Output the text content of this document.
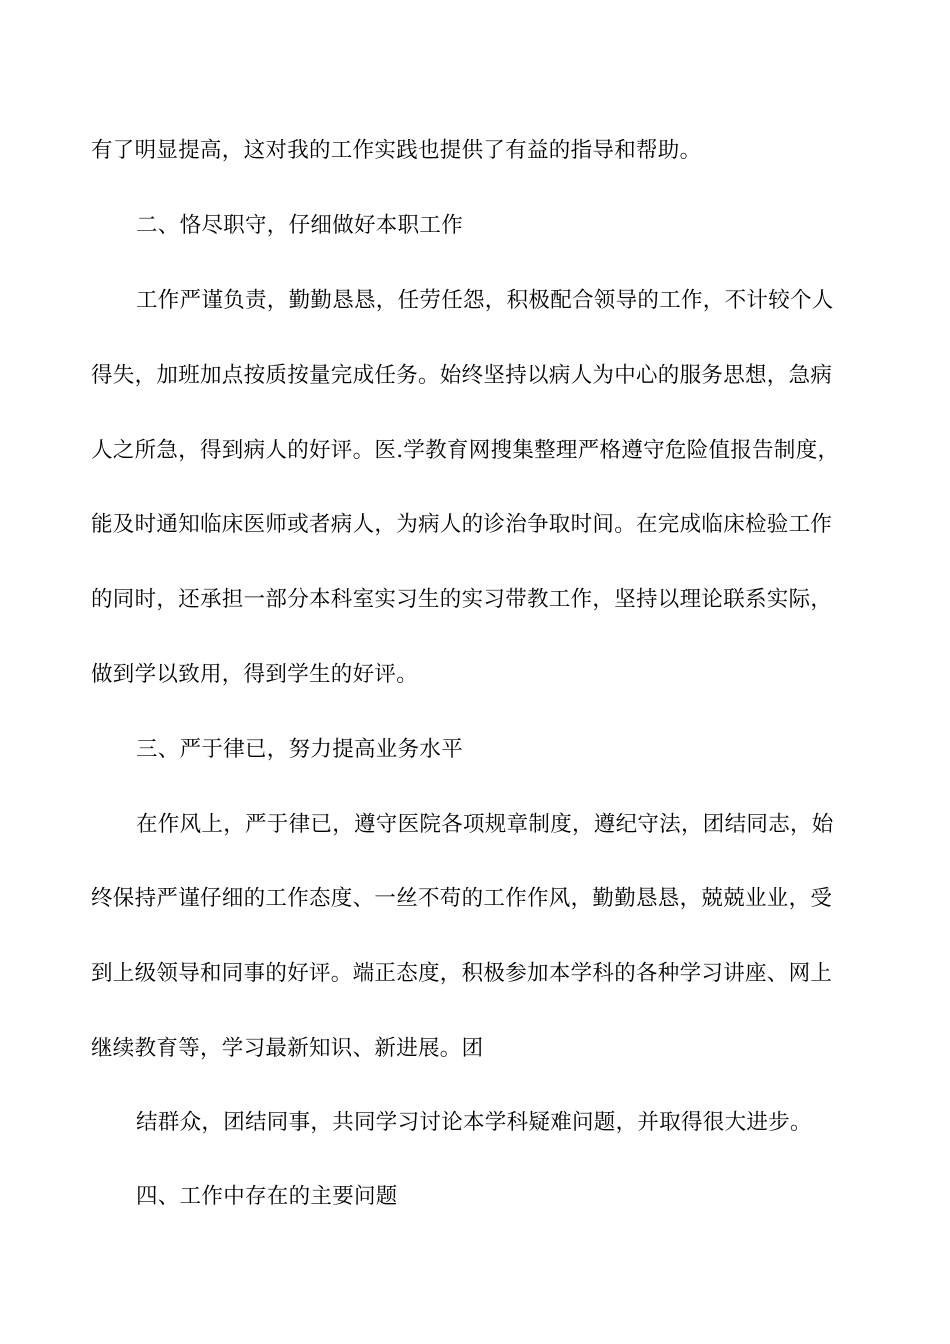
有了明显提高，这对我的工作实践也提供了有益的指导和帮助。
二、恪尽职守，仔细做好本职工作
工作严谨负责，勤勤恳恳，任劳任怨，积极配合领导的工作，不计较个人
得失，加班加点按质按量完成任务。始终坚持以病人为中心的服务思想，急病
人之所急，得到病人的好评。医.学教育网搜集整理严格遵守危险值报告制度，
能及时通知临床医师或者病人，为病人的诊治争取时间。在完成临床检验工作
的同时，还承担一部分本科室实习生的实习带教工作，坚持以理论联系实际，
做到学以致用，得到学生的好评。
三、严于律已，努力提高业务水平
在作风上，严于律已，遵守医院各项规章制度，遵纪守法，团结同志，始
终保持严谨仔细的工作态度、一丝不苟的工作作风，勤勤恳恳，兢兢业业，受
到上级领导和同事的好评。端正态度，积极参加本学科的各种学习讲座、网上
继续教育等，学习最新知识、新进展。团
结群众，团结同事，共同学习讨论本学科疑难问题，并取得很大进步。
四、工作中存在的主要问题
